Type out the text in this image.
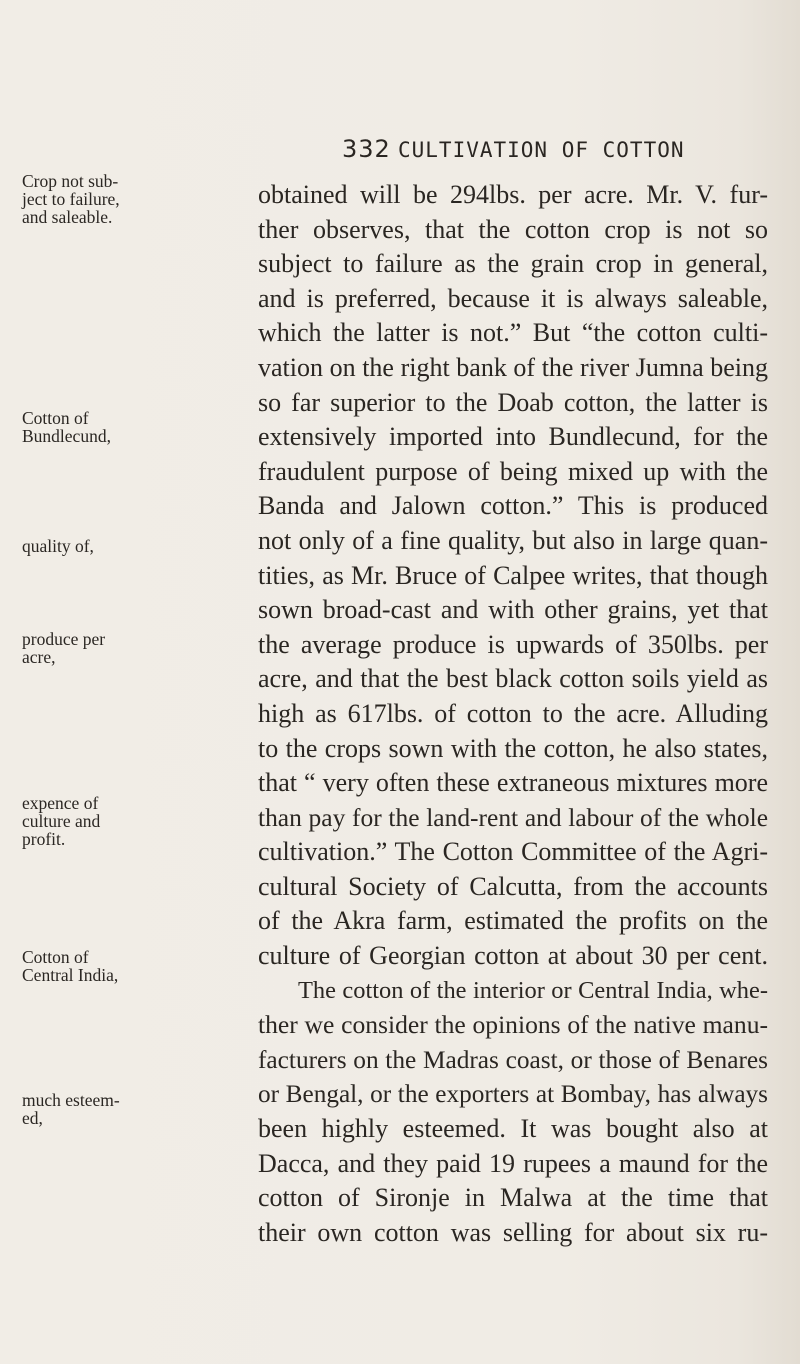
332 CULTIVATION OF COTTON
Crop not sub-
ject to failure,
and saleable.
Cotton of
Bundlecund,
quality of,
produce per
acre,
expence of
culture and
profit.
Cotton of
Central India,
much esteem-
ed,
obtained will be 294lbs. per acre. Mr. V. fur-
ther observes, that the cotton crop is not so
subject to failure as the grain crop in general,
and is preferred, because it is always saleable,
which the latter is not.” But “the cotton culti-
vation on the right bank of the river Jumna being
so far superior to the Doab cotton, the latter is
extensively imported into Bundlecund, for the
fraudulent purpose of being mixed up with the
Banda and Jalown cotton.” This is produced
not only of a fine quality, but also in large quan-
tities, as Mr. Bruce of Calpee writes, that though
sown broad-cast and with other grains, yet that
the average produce is upwards of 350lbs. per
acre, and that the best black cotton soils yield as
high as 617lbs. of cotton to the acre. Alluding
to the crops sown with the cotton, he also states,
that “ very often these extraneous mixtures more
than pay for the land-rent and labour of the whole
cultivation.” The Cotton Committee of the Agri-
cultural Society of Calcutta, from the accounts
of the Akra farm, estimated the profits on the
culture of Georgian cotton at about 30 per cent.
The cotton of the interior or Central India, whe-
ther we consider the opinions of the native manu-
facturers on the Madras coast, or those of Benares
or Bengal, or the exporters at Bombay, has always
been highly esteemed. It was bought also at
Dacca, and they paid 19 rupees a maund for the
cotton of Sironje in Malwa at the time that
their own cotton was selling for about six ru-
